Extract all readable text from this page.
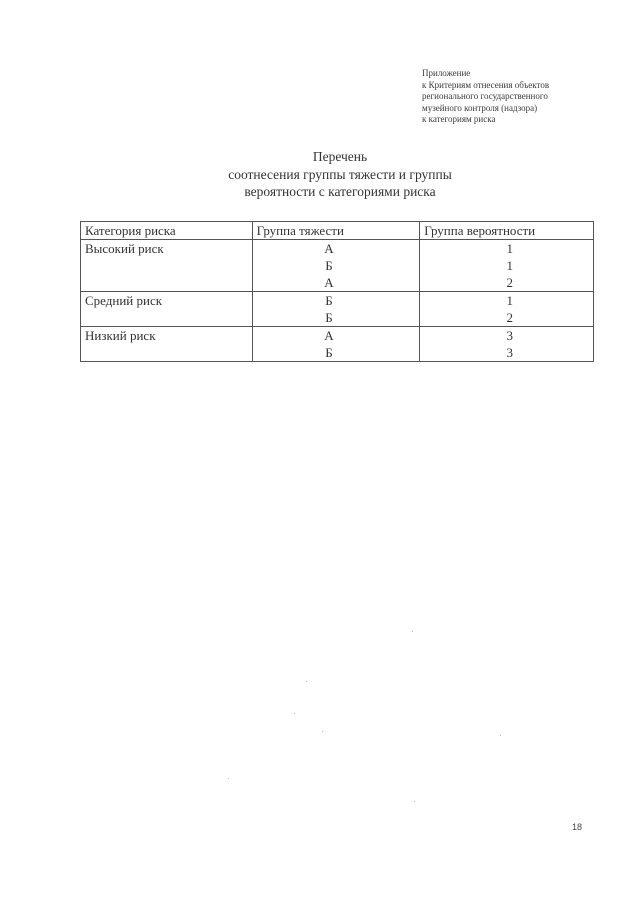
Приложение
к Критериям отнесения объектов
регионального государственного
музейного контроля (надзора)
к категориям риска
Перечень
соотнесения группы тяжести и группы
вероятности с категориями риска
Категория риска	Группа тяжести	Группа вероятности
Высокий риск	А	1
	Б	1
	А	2
Средний риск	Б	1
	Б	2
Низкий риск	А	3
	Б	3
18
